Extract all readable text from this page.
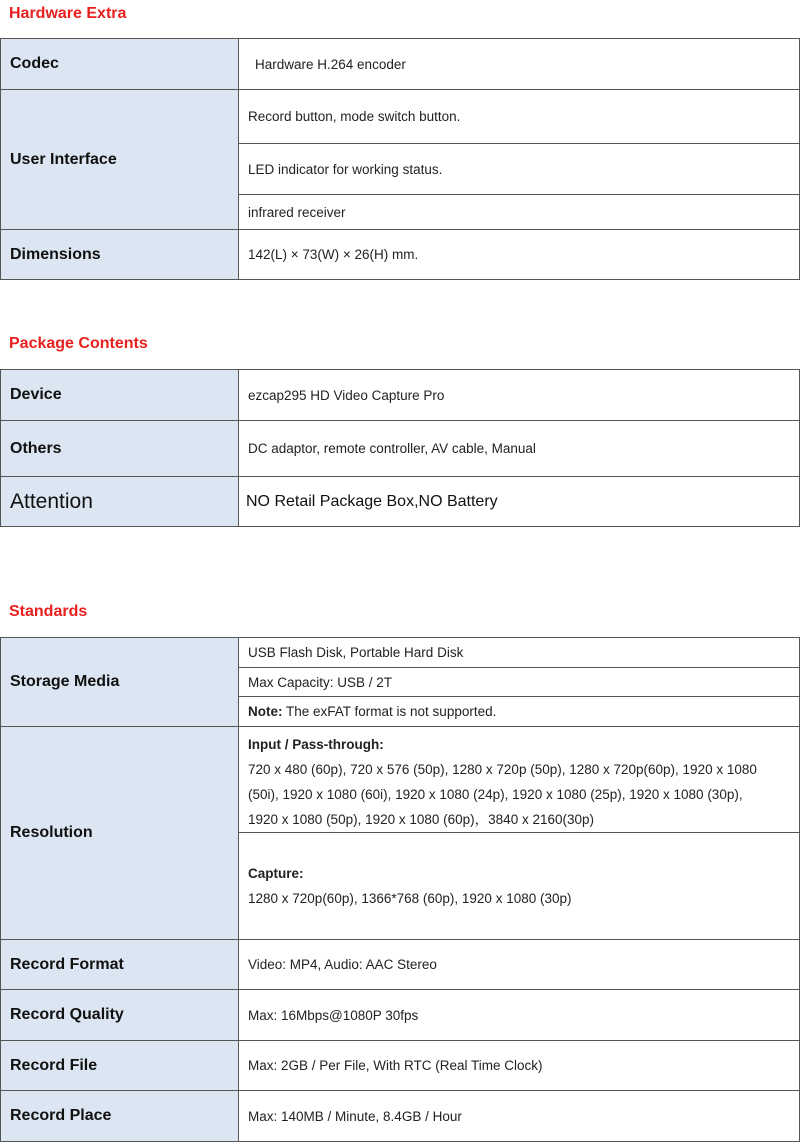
Hardware Extra
Codec	Hardware H.264 encoder
User Interface	Record button, mode switch button.
	LED indicator for working status.
	infrared receiver
Dimensions	142(L) × 73(W) × 26(H) mm.
Package Contents
Device	ezcap295 HD Video Capture Pro
Others	DC adaptor, remote controller, AV cable, Manual
Attention	NO Retail Package Box,NO Battery
Standards
Storage Media	USB Flash Disk, Portable Hard Disk
	Max Capacity: USB / 2T
	Note: The exFAT format is not supported.
Resolution	Input / Pass-through:
720 x 480 (60p), 720 x 576 (50p), 1280 x 720p (50p), 1280 x 720p(60p), 1920 x 1080
(50i), 1920 x 1080 (60i), 1920 x 1080 (24p), 1920 x 1080 (25p), 1920 x 1080 (30p),
1920 x 1080 (50p), 1920 x 1080 (60p)，3840 x 2160(30p)

	Capture:
1280 x 720p(60p), 1366*768 (60p), 1920 x 1080 (30p)

Record Format	Video: MP4, Audio: AAC Stereo
Record Quality	Max: 16Mbps@1080P 30fps
Record File	Max: 2GB / Per File, With RTC (Real Time Clock)
Record Place	Max: 140MB / Minute, 8.4GB / Hour
